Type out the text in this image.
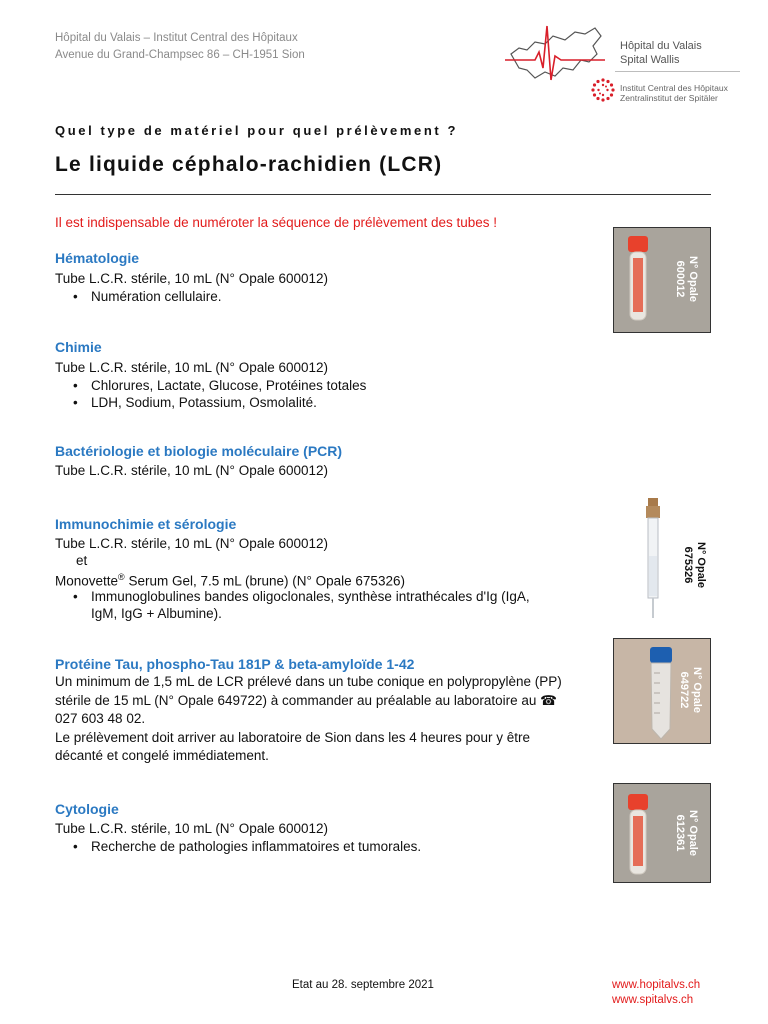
Hôpital du Valais – Institut Central des Hôpitaux
Avenue du Grand-Champsec 86 – CH-1951 Sion
Hôpital du Valais
Spital Wallis
Institut Central des Hôpitaux
Zentralinstitut der Spitäler
Quel type de matériel pour quel prélèvement ?
Le liquide céphalo-rachidien (LCR)
Il est indispensable de numéroter la séquence de prélèvement des tubes !
Hématologie
Tube L.C.R. stérile, 10 mL (N° Opale 600012)
• Numération cellulaire.
Chimie
Tube L.C.R. stérile, 10 mL (N° Opale 600012)
• Chlorures, Lactate, Glucose, Protéines totales
• LDH, Sodium, Potassium, Osmolalité.
Bactériologie et biologie moléculaire (PCR)
Tube L.C.R. stérile, 10 mL (N° Opale 600012)
Immunochimie et sérologie
Tube L.C.R. stérile, 10 mL (N° Opale 600012)
et
Monovette® Serum Gel, 7.5 mL (brune) (N° Opale 675326)
• Immunoglobulines bandes oligoclonales, synthèse intrathécales d'Ig (IgA,
IgM, IgG + Albumine).
Protéine Tau, phospho-Tau 181P & beta-amyloïde 1-42
Un minimum de 1,5 mL de LCR prélevé dans un tube conique en polypropylène (PP)
stérile de 15 mL (N° Opale 649722) à commander au préalable au laboratoire au ☎
027 603 48 02.
Le prélèvement doit arriver au laboratoire de Sion dans les 4 heures pour y être
décanté et congelé immédiatement.
Cytologie
Tube L.C.R. stérile, 10 mL (N° Opale 600012)
• Recherche de pathologies inflammatoires et tumorales.
N° Opale
600012
N° Opale
675326
N° Opale
649722
N° Opale
612361
Etat au 28. septembre 2021	www.hopitalvs.ch
www.spitalvs.ch
